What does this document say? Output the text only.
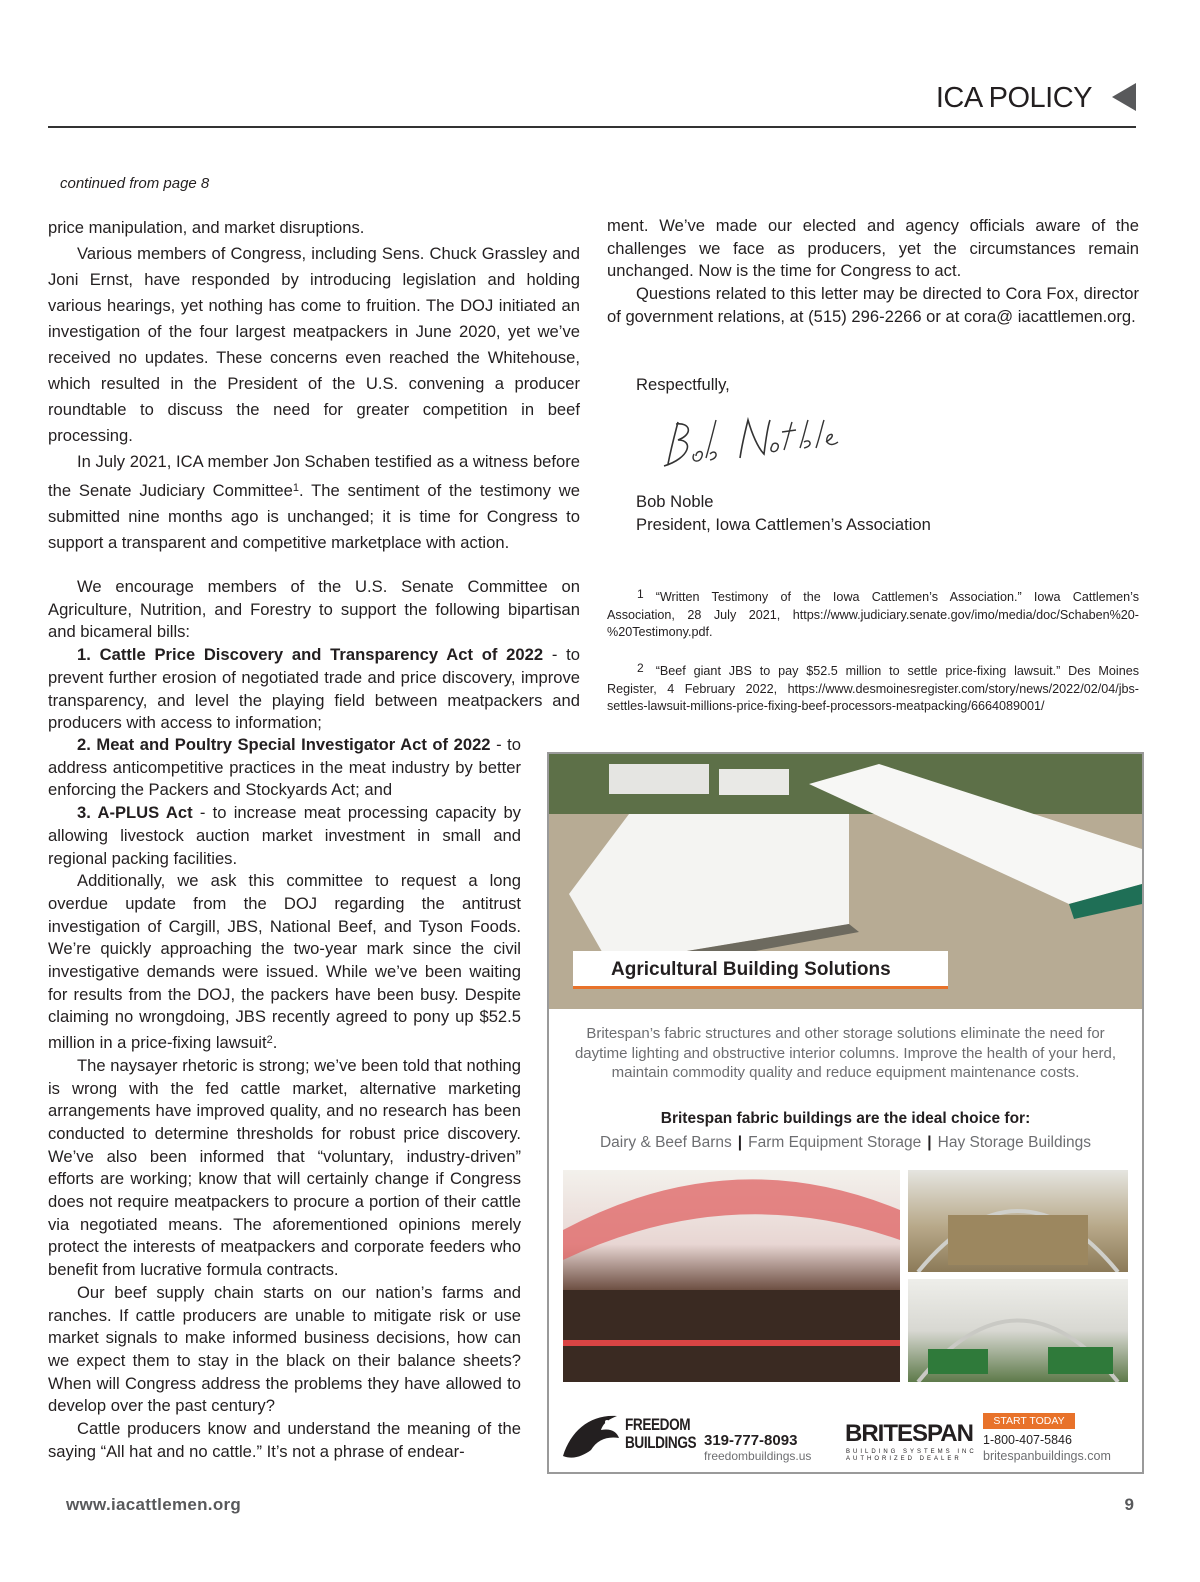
ICA POLICY
continued from page 8

price manipulation, and market disruptions.

Various members of Congress, including Sens. Chuck Grassley and Joni Ernst, have responded by introducing legislation and holding various hearings, yet nothing has come to fruition. The DOJ initiated an investigation of the four largest meatpackers in June 2020, yet we’ve received no updates. These concerns even reached the Whitehouse, which resulted in the President of the U.S. convening a producer roundtable to discuss the need for greater competition in beef processing.

In July 2021, ICA member Jon Schaben testified as a witness before the Senate Judiciary Committee$^1$. The sentiment of the testimony we submitted nine months ago is unchanged; it is time for Congress to support a transparent and competitive marketplace with action.

We encourage members of the U.S. Senate Committee on Agriculture, Nutrition, and Forestry to support the following bipartisan and bicameral bills:

1. Cattle Price Discovery and Transparency Act of 2022 - to prevent further erosion of negotiated trade and price discovery, improve transparency, and level the playing field between meatpackers and producers with access to information;

2. Meat and Poultry Special Investigator Act of 2022 - to address anticompetitive practices in the meat industry by better enforcing the Packers and Stockyards Act; and

3. A-PLUS Act - to increase meat processing capacity by allowing livestock auction market investment in small and regional packing facilities.

Additionally, we ask this committee to request a long overdue update from the DOJ regarding the antitrust investigation of Cargill, JBS, National Beef, and Tyson Foods. We’re quickly approaching the two-year mark since the civil investigative demands were issued. While we’ve been waiting for results from the DOJ, the packers have been busy. Despite claiming no wrongdoing, JBS recently agreed to pony up $52.5 million in a price-fixing lawsuit$^2$.

The naysayer rhetoric is strong; we’ve been told that nothing is wrong with the fed cattle market, alternative marketing arrangements have improved quality, and no research has been conducted to determine thresholds for robust price discovery. We’ve also been informed that “voluntary, industry-driven” efforts are working; know that will certainly change if Congress does not require meatpackers to procure a portion of their cattle via negotiated means. The aforementioned opinions merely protect the interests of meatpackers and corporate feeders who benefit from lucrative formula contracts.

Our beef supply chain starts on our nation’s farms and ranches. If cattle producers are unable to mitigate risk or use market signals to make informed business decisions, how can we expect them to stay in the black on their balance sheets? When will Congress address the problems they have allowed to develop over the past century?

Cattle producers know and understand the meaning of the saying “All hat and no cattle.” It’s not a phrase of endear-

ment. We’ve made our elected and agency officials aware of the challenges we face as producers, yet the circumstances remain unchanged. Now is the time for Congress to act.

Questions related to this letter may be directed to Cora Fox, director of government relations, at (515) 296-2266 or at cora@ iacattlemen.org.

Respectfully,
Bob Noble
President, Iowa Cattlemen’s Association
1 “Written Testimony of the Iowa Cattlemen’s Association.” Iowa Cattlemen’s Association, 28 July 2021, https://www.judiciary.senate.gov/imo/media/doc/Schaben%20-%20Testimony.pdf.
2 “Beef giant JBS to pay $52.5 million to settle price-fixing lawsuit.” Des Moines Register, 4 February 2022, https://www.desmoinesregister.com/story/news/2022/02/04/jbs-settles-lawsuit-millions-price-fixing-beef-processors-meatpacking/6664089001/
Agricultural Building Solutions
Britespan’s fabric structures and other storage solutions eliminate the need for daytime lighting and obstructive interior columns. Improve the health of your herd, maintain commodity quality and reduce equipment maintenance costs.
Britespan fabric buildings are the ideal choice for:
Dairy & Beef Barns | Farm Equipment Storage | Hay Storage Buildings
FREEDOM
BUILDINGS 319-777-8093
freedombuildings.us
BRITESPAN
BUILDING SYSTEMS INC
AUTHORIZED DEALER
START TODAY
1-800-407-5846
britespanbuildings.com
www.iacattlemen.org	9
